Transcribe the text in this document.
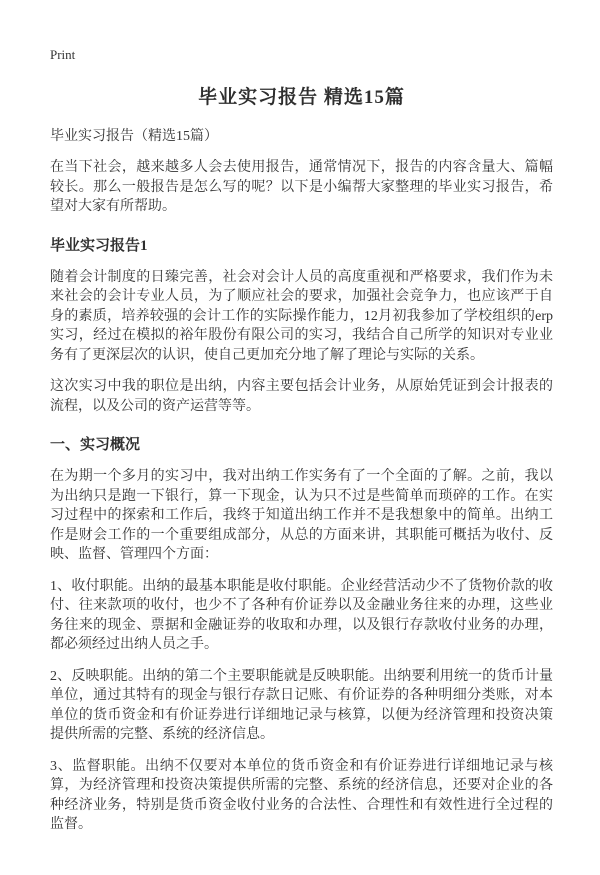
Print
毕业实习报告 精选15篇

毕业实习报告（精选15篇）

在当下社会，越来越多人会去使用报告，通常情况下，报告的内容含量大、篇幅较长。那么一般报告是怎么写的呢？以下是小编帮大家整理的毕业实习报告，希望对大家有所帮助。

毕业实习报告1

随着会计制度的日臻完善，社会对会计人员的高度重视和严格要求，我们作为未来社会的会计专业人员，为了顺应社会的要求，加强社会竞争力，也应该严于自身的素质，培养较强的会计工作的实际操作能力，12月初我参加了学校组织的erp实习，经过在模拟的裕年股份有限公司的实习，我结合自己所学的知识对专业业务有了更深层次的认识，使自己更加充分地了解了理论与实际的关系。

这次实习中我的职位是出纳，内容主要包括会计业务，从原始凭证到会计报表的流程，以及公司的资产运营等等。

一、实习概况

在为期一个多月的实习中，我对出纳工作实务有了一个全面的了解。之前，我以为出纳只是跑一下银行，算一下现金，认为只不过是些简单而琐碎的工作。在实习过程中的探索和工作后，我终于知道出纳工作并不是我想象中的简单。出纳工作是财会工作的一个重要组成部分，从总的方面来讲，其职能可概括为收付、反映、监督、管理四个方面：

1、收付职能。出纳的最基本职能是收付职能。企业经营活动少不了货物价款的收付、往来款项的收付，也少不了各种有价证券以及金融业务往来的办理，这些业务往来的现金、票据和金融证券的收取和办理，以及银行存款收付业务的办理，都必须经过出纳人员之手。

2、反映职能。出纳的第二个主要职能就是反映职能。出纳要利用统一的货币计量单位，通过其特有的现金与银行存款日记账、有价证券的各种明细分类账，对本单位的货币资金和有价证券进行详细地记录与核算，以便为经济管理和投资决策提供所需的完整、系统的经济信息。

3、监督职能。出纳不仅要对本单位的货币资金和有价证券进行详细地记录与核算，为经济管理和投资决策提供所需的完整、系统的经济信息，还要对企业的各种经济业务，特别是货币资金收付业务的合法性、合理性和有效性进行全过程的监督。
